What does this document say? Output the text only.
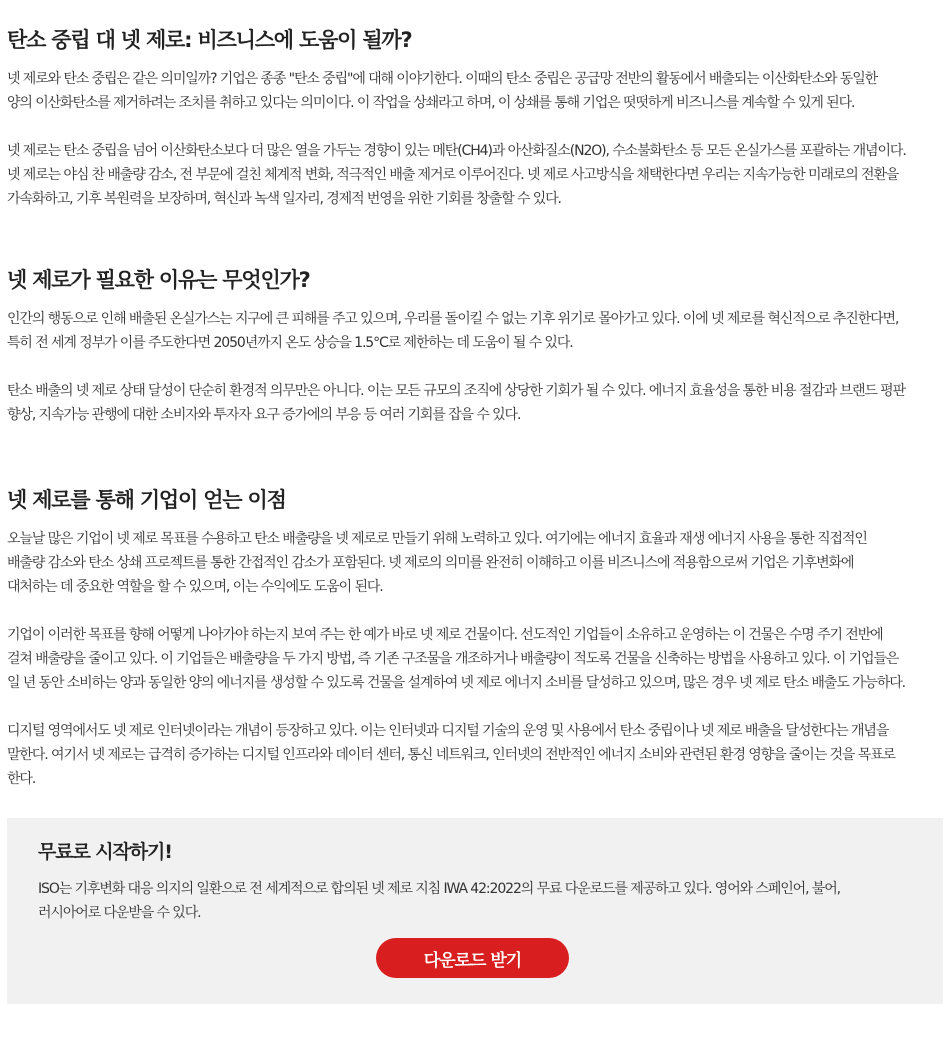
탄소 중립 대 넷 제로: 비즈니스에 도움이 될까?

넷 제로와 탄소 중립은 같은 의미일까? 기업은 종종 "탄소 중립"에 대해 이야기한다. 이때의 탄소 중립은 공급망 전반의 활동에서 배출되는 이산화탄소와 동일한
양의 이산화탄소를 제거하려는 조치를 취하고 있다는 의미이다. 이 작업을 상쇄라고 하며, 이 상쇄를 통해 기업은 떳떳하게 비즈니스를 계속할 수 있게 된다.

넷 제로는 탄소 중립을 넘어 이산화탄소보다 더 많은 열을 가두는 경향이 있는 메탄(CH4)과 아산화질소(N2O), 수소불화탄소 등 모든 온실가스를 포괄하는 개념이다.
넷 제로는 야심 찬 배출량 감소, 전 부문에 걸친 체계적 변화, 적극적인 배출 제거로 이루어진다. 넷 제로 사고방식을 채택한다면 우리는 지속가능한 미래로의 전환을
가속화하고, 기후 복원력을 보장하며, 혁신과 녹색 일자리, 경제적 번영을 위한 기회를 창출할 수 있다.

넷 제로가 필요한 이유는 무엇인가?

인간의 행동으로 인해 배출된 온실가스는 지구에 큰 피해를 주고 있으며, 우리를 돌이킬 수 없는 기후 위기로 몰아가고 있다. 이에 넷 제로를 혁신적으로 추진한다면,
특히 전 세계 정부가 이를 주도한다면 2050년까지 온도 상승을 1.5°C로 제한하는 데 도움이 될 수 있다.

탄소 배출의 넷 제로 상태 달성이 단순히 환경적 의무만은 아니다. 이는 모든 규모의 조직에 상당한 기회가 될 수 있다. 에너지 효율성을 통한 비용 절감과 브랜드 평판
향상, 지속가능 관행에 대한 소비자와 투자자 요구 증가에의 부응 등 여러 기회를 잡을 수 있다.

넷 제로를 통해 기업이 얻는 이점

오늘날 많은 기업이 넷 제로 목표를 수용하고 탄소 배출량을 넷 제로로 만들기 위해 노력하고 있다. 여기에는 에너지 효율과 재생 에너지 사용을 통한 직접적인
배출량 감소와 탄소 상쇄 프로젝트를 통한 간접적인 감소가 포함된다. 넷 제로의 의미를 완전히 이해하고 이를 비즈니스에 적용함으로써 기업은 기후변화에
대처하는 데 중요한 역할을 할 수 있으며, 이는 수익에도 도움이 된다.

기업이 이러한 목표를 향해 어떻게 나아가야 하는지 보여 주는 한 예가 바로 넷 제로 건물이다. 선도적인 기업들이 소유하고 운영하는 이 건물은 수명 주기 전반에
걸쳐 배출량을 줄이고 있다. 이 기업들은 배출량을 두 가지 방법, 즉 기존 구조물을 개조하거나 배출량이 적도록 건물을 신축하는 방법을 사용하고 있다. 이 기업들은
일 년 동안 소비하는 양과 동일한 양의 에너지를 생성할 수 있도록 건물을 설계하여 넷 제로 에너지 소비를 달성하고 있으며, 많은 경우 넷 제로 탄소 배출도 가능하다.

디지털 영역에서도 넷 제로 인터넷이라는 개념이 등장하고 있다. 이는 인터넷과 디지털 기술의 운영 및 사용에서 탄소 중립이나 넷 제로 배출을 달성한다는 개념을
말한다. 여기서 넷 제로는 급격히 증가하는 디지털 인프라와 데이터 센터, 통신 네트워크, 인터넷의 전반적인 에너지 소비와 관련된 환경 영향을 줄이는 것을 목표로
한다.

무료로 시작하기!
ISO는 기후변화 대응 의지의 일환으로 전 세계적으로 합의된 넷 제로 지침 IWA 42:2022의 무료 다운로드를 제공하고 있다. 영어와 스페인어, 불어,
러시아어로 다운받을 수 있다.
다운로드 받기
